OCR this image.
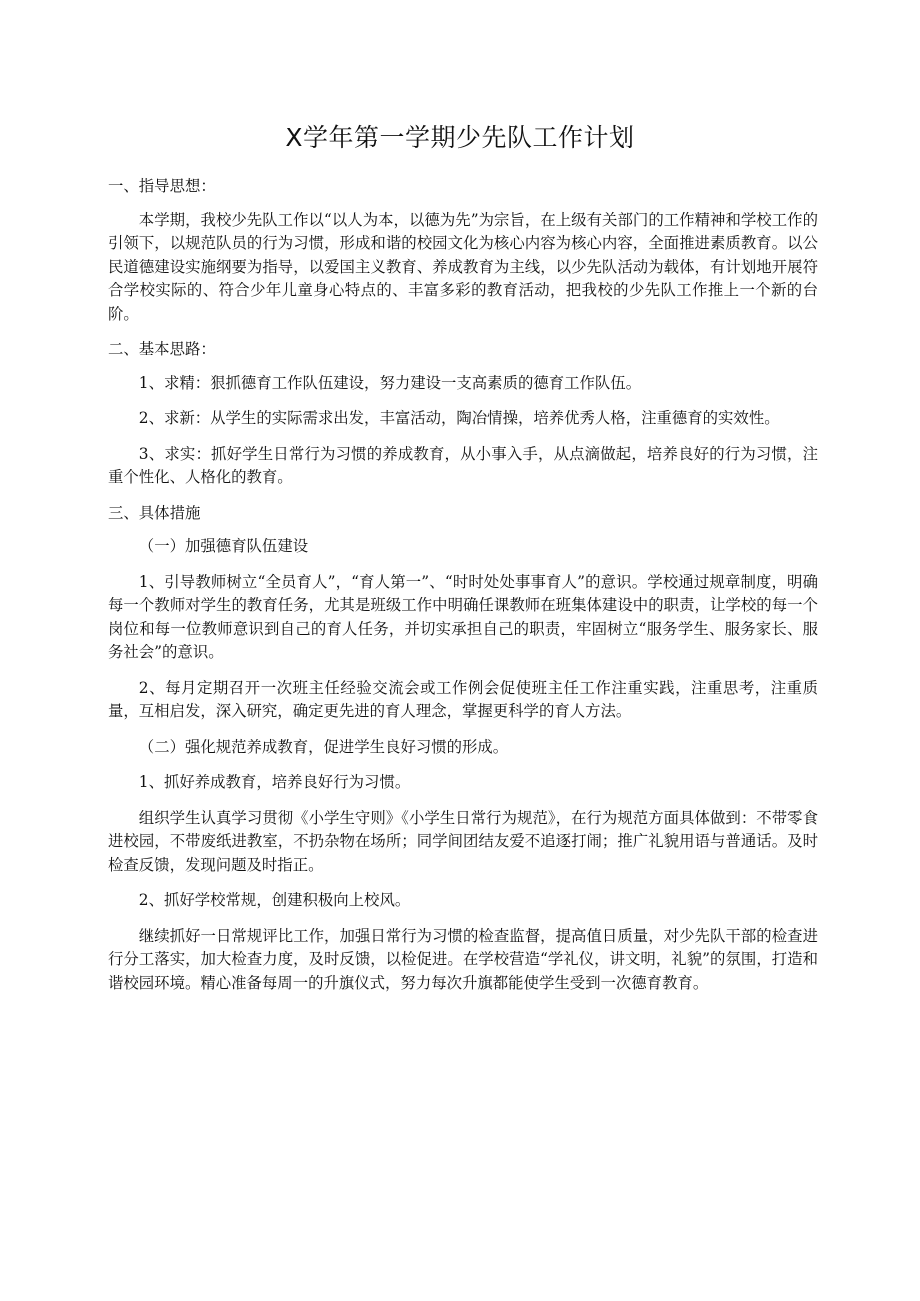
X学年第一学期少先队工作计划

一、指导思想：

本学期，我校少先队工作以“以人为本，以德为先”为宗旨，在上级有关部门的工作精神和学校工作的引领下，以规范队员的行为习惯，形成和谐的校园文化为核心内容为核心内容，全面推进素质教育。以公民道德建设实施纲要为指导，以爱国主义教育、养成教育为主线，以少先队活动为载体，有计划地开展符合学校实际的、符合少年儿童身心特点的、丰富多彩的教育活动，把我校的少先队工作推上一个新的台阶。

二、基本思路：

1、求精：狠抓德育工作队伍建设，努力建设一支高素质的德育工作队伍。

2、求新：从学生的实际需求出发，丰富活动，陶冶情操，培养优秀人格，注重德育的实效性。

3、求实：抓好学生日常行为习惯的养成教育，从小事入手，从点滴做起，培养良好的行为习惯，注重个性化、人格化的教育。

三、具体措施

（一）加强德育队伍建设

1、引导教师树立“全员育人”，“育人第一”、“时时处处事事育人”的意识。学校通过规章制度，明确每一个教师对学生的教育任务，尤其是班级工作中明确任课教师在班集体建设中的职责，让学校的每一个岗位和每一位教师意识到自己的育人任务，并切实承担自己的职责，牢固树立“服务学生、服务家长、服务社会”的意识。

2、每月定期召开一次班主任经验交流会或工作例会促使班主任工作注重实践，注重思考，注重质量，互相启发，深入研究，确定更先进的育人理念，掌握更科学的育人方法。

（二）强化规范养成教育，促进学生良好习惯的形成。

1、抓好养成教育，培养良好行为习惯。

组织学生认真学习贯彻《小学生守则》《小学生日常行为规范》，在行为规范方面具体做到：不带零食进校园，不带废纸进教室，不扔杂物在场所；同学间团结友爱不追逐打闹；推广礼貌用语与普通话。及时检查反馈，发现问题及时指正。

2、抓好学校常规，创建积极向上校风。

继续抓好一日常规评比工作，加强日常行为习惯的检查监督，提高值日质量，对少先队干部的检查进行分工落实，加大检查力度，及时反馈，以检促进。在学校营造“学礼仪，讲文明，礼貌”的氛围，打造和谐校园环境。精心准备每周一的升旗仪式，努力每次升旗都能使学生受到一次德育教育。
